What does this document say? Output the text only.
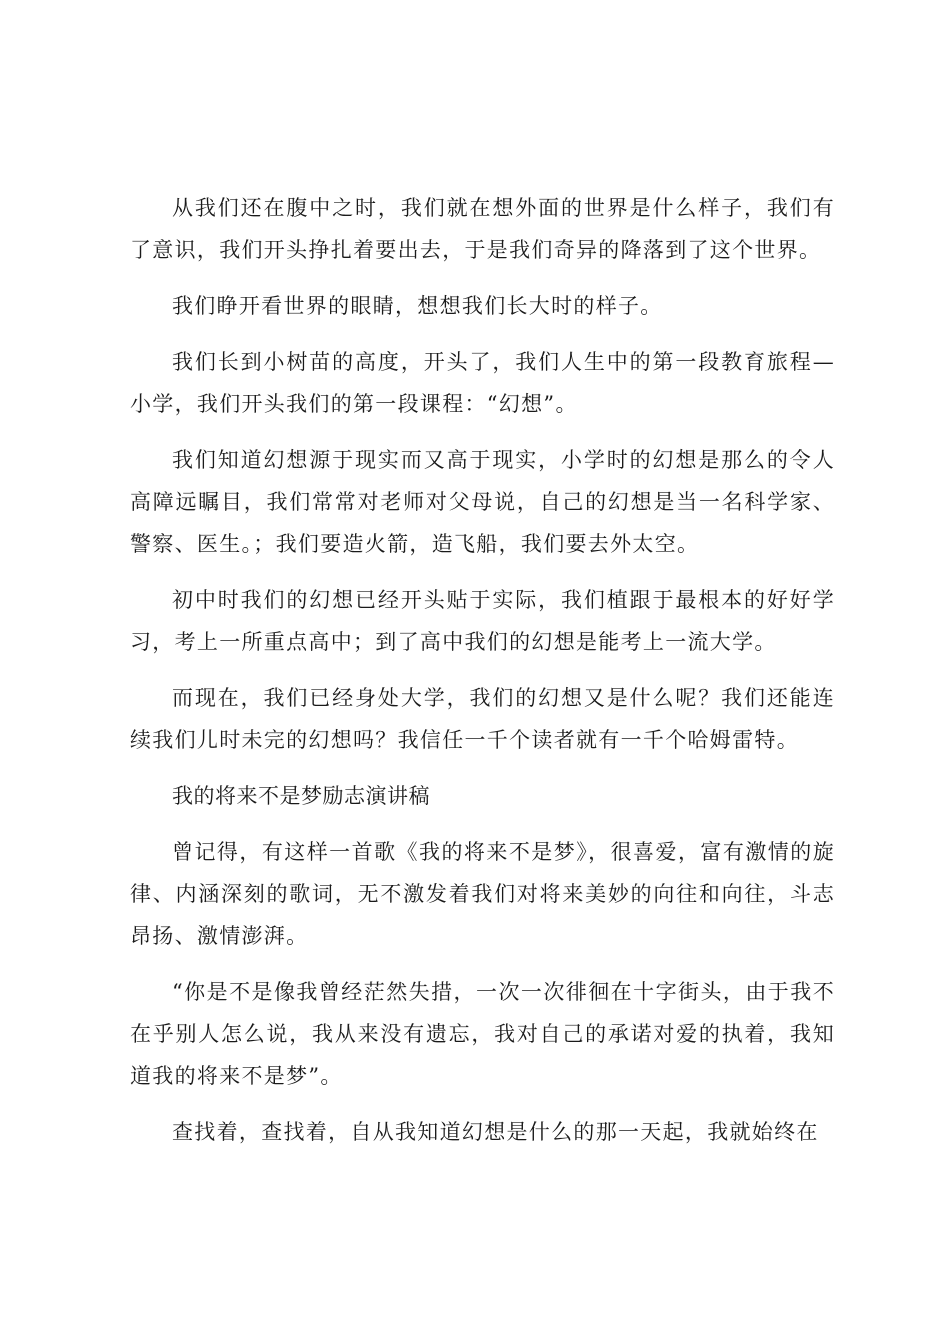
从我们还在腹中之时，我们就在想外面的世界是什么样子，我们有了意识，我们开头挣扎着要出去，于是我们奇异的降落到了这个世界。

我们睁开看世界的眼睛，想想我们长大时的样子。

我们长到小树苗的高度，开头了，我们人生中的第一段教育旅程—小学，我们开头我们的第一段课程：“幻想”。

我们知道幻想源于现实而又高于现实，小学时的幻想是那么的令人高障远瞩目，我们常常对老师对父母说，自己的幻想是当一名科学家、警察、医生。；我们要造火箭，造飞船，我们要去外太空。

初中时我们的幻想已经开头贴于实际，我们植跟于最根本的好好学习，考上一所重点高中；到了高中我们的幻想是能考上一流大学。

而现在，我们已经身处大学，我们的幻想又是什么呢？我们还能连续我们儿时未完的幻想吗？我信任一千个读者就有一千个哈姆雷特。

我的将来不是梦励志演讲稿

曾记得，有这样一首歌《我的将来不是梦》，很喜爱，富有激情的旋律、内涵深刻的歌词，无不激发着我们对将来美妙的向往和向往，斗志昂扬、激情澎湃。

“你是不是像我曾经茫然失措，一次一次徘徊在十字街头，由于我不在乎别人怎么说，我从来没有遗忘，我对自己的承诺对爱的执着，我知道我的将来不是梦”。

查找着，查找着，自从我知道幻想是什么的那一天起，我就始终在
